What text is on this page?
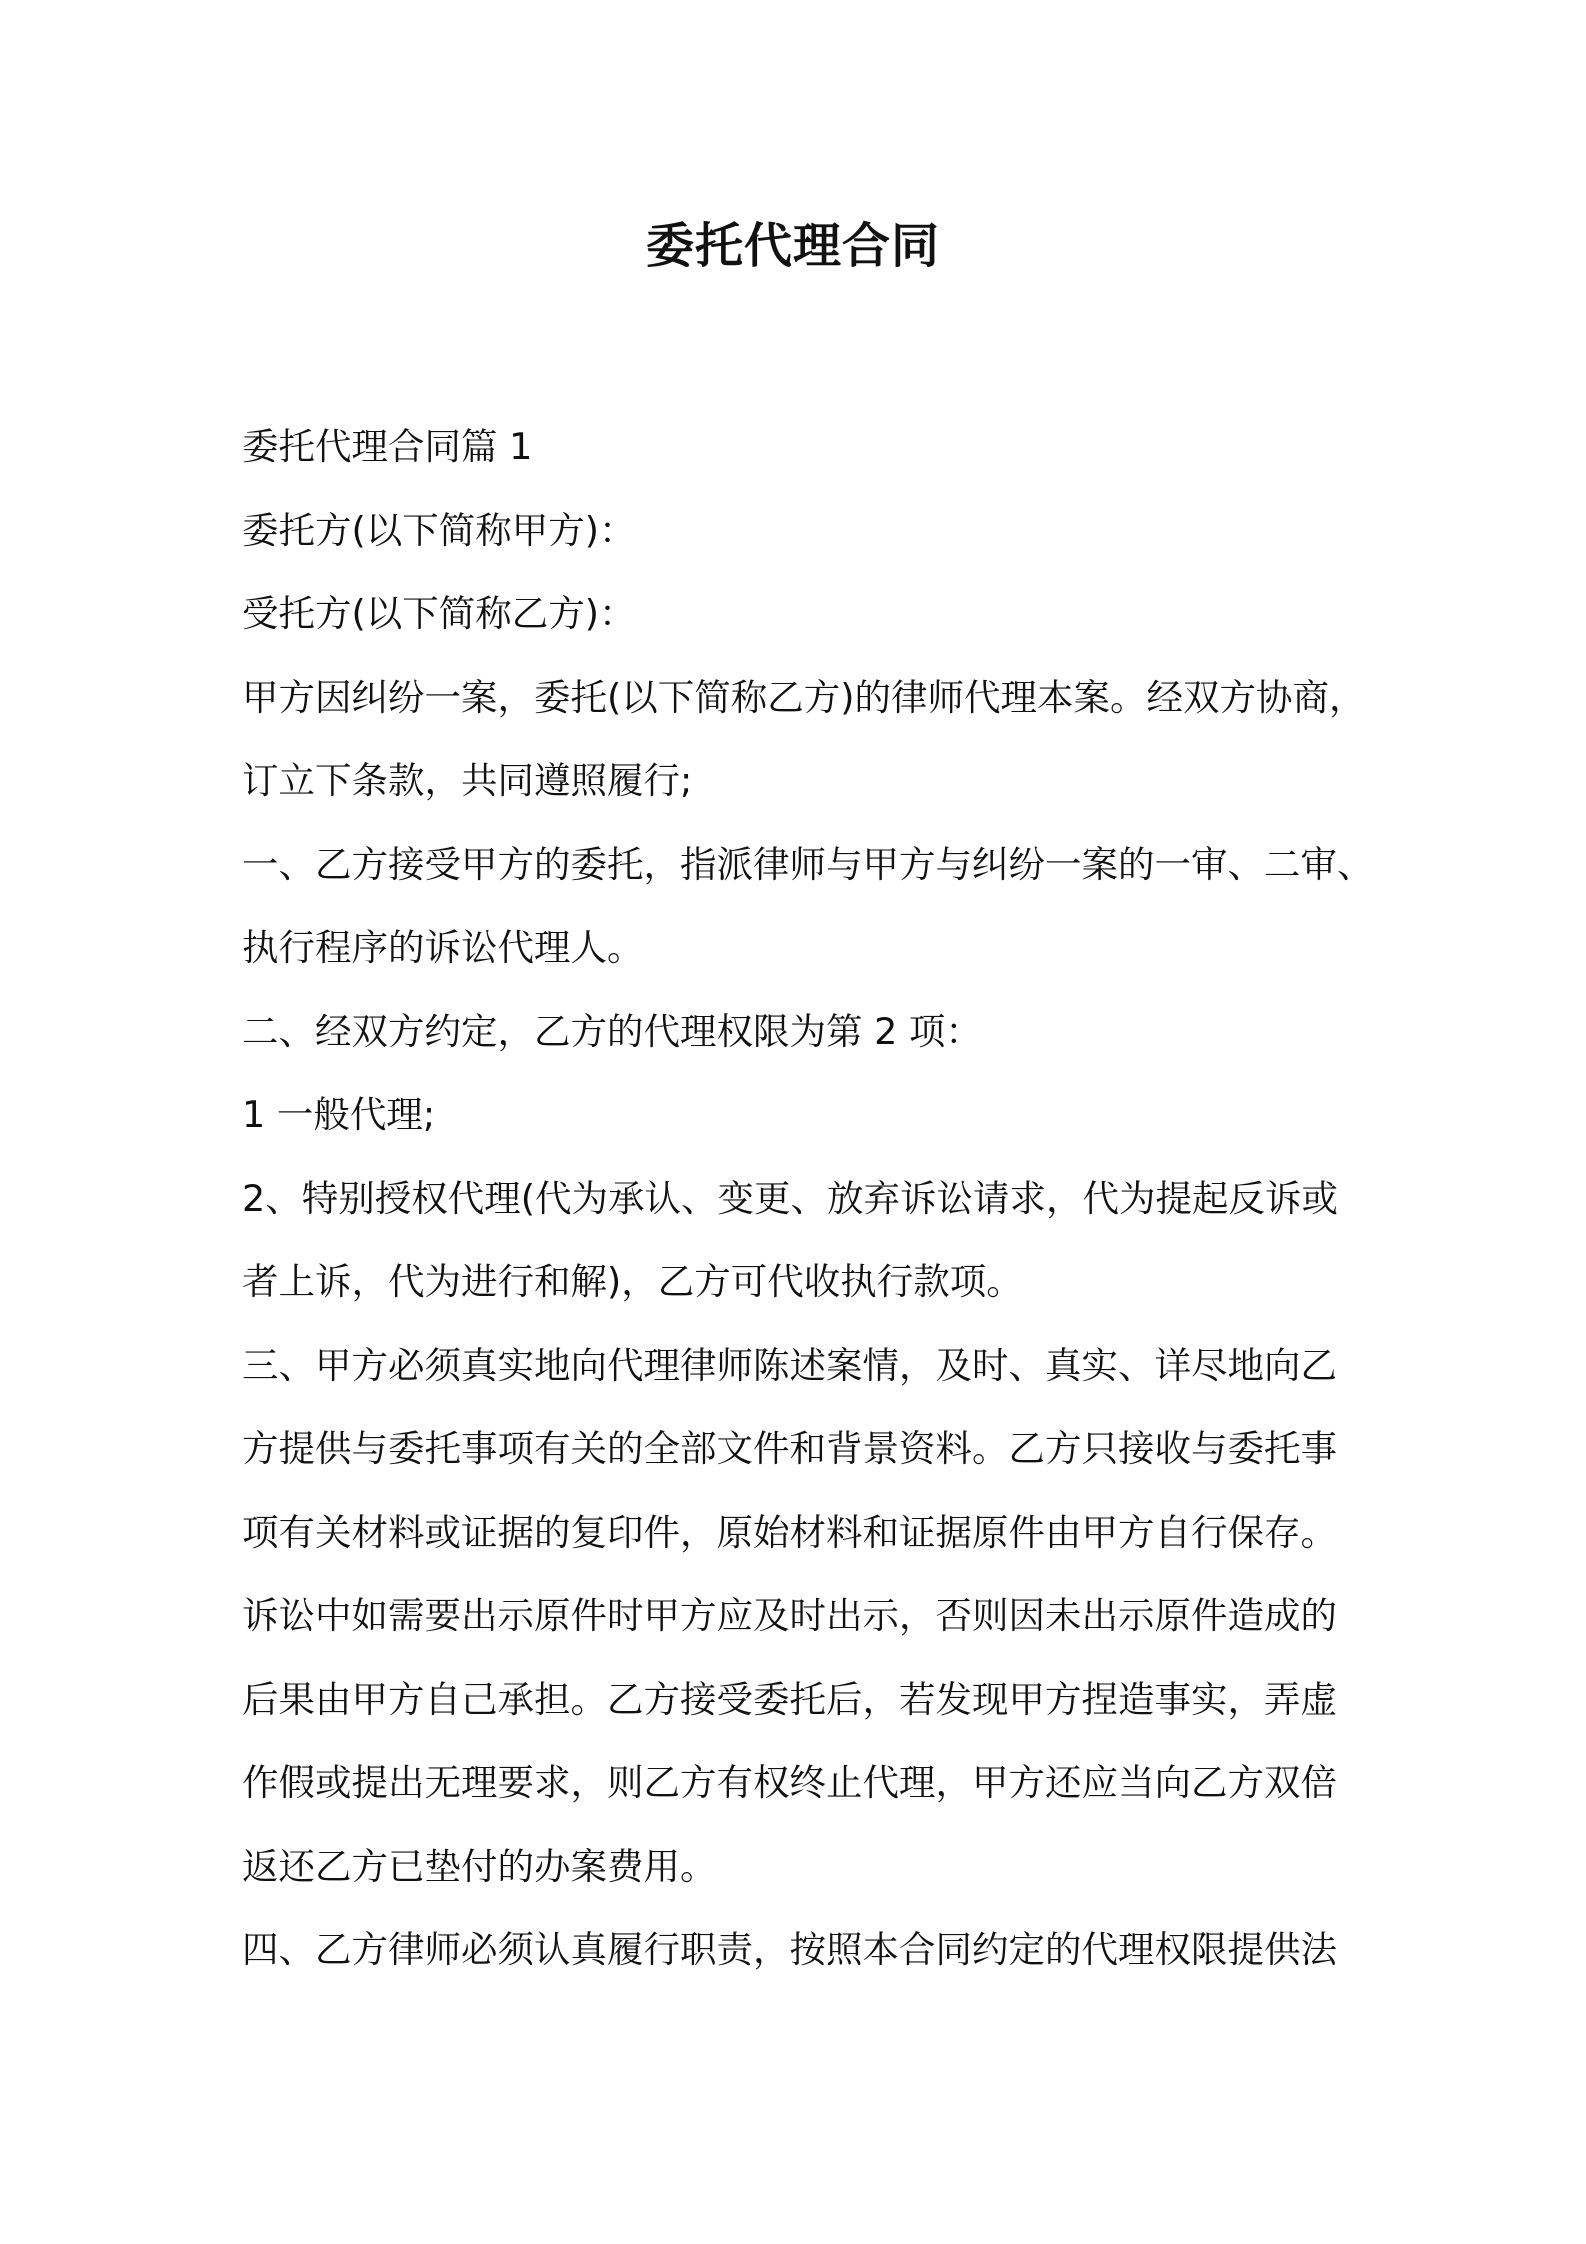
委托代理合同

委托代理合同篇 1

委托方(以下简称甲方)：

受托方(以下简称乙方)：

甲方因纠纷一案，委托(以下简称乙方)的律师代理本案。经双方协商，

订立下条款，共同遵照履行;

一、乙方接受甲方的委托，指派律师与甲方与纠纷一案的一审、二审、

执行程序的诉讼代理人。

二、经双方约定，乙方的代理权限为第 2 项：

1 一般代理;

2、特别授权代理(代为承认、变更、放弃诉讼请求，代为提起反诉或

者上诉，代为进行和解)，乙方可代收执行款项。

三、甲方必须真实地向代理律师陈述案情，及时、真实、详尽地向乙

方提供与委托事项有关的全部文件和背景资料。乙方只接收与委托事

项有关材料或证据的复印件，原始材料和证据原件由甲方自行保存。

诉讼中如需要出示原件时甲方应及时出示，否则因未出示原件造成的

后果由甲方自己承担。乙方接受委托后，若发现甲方捏造事实，弄虚

作假或提出无理要求，则乙方有权终止代理，甲方还应当向乙方双倍

返还乙方已垫付的办案费用。

四、乙方律师必须认真履行职责，按照本合同约定的代理权限提供法
